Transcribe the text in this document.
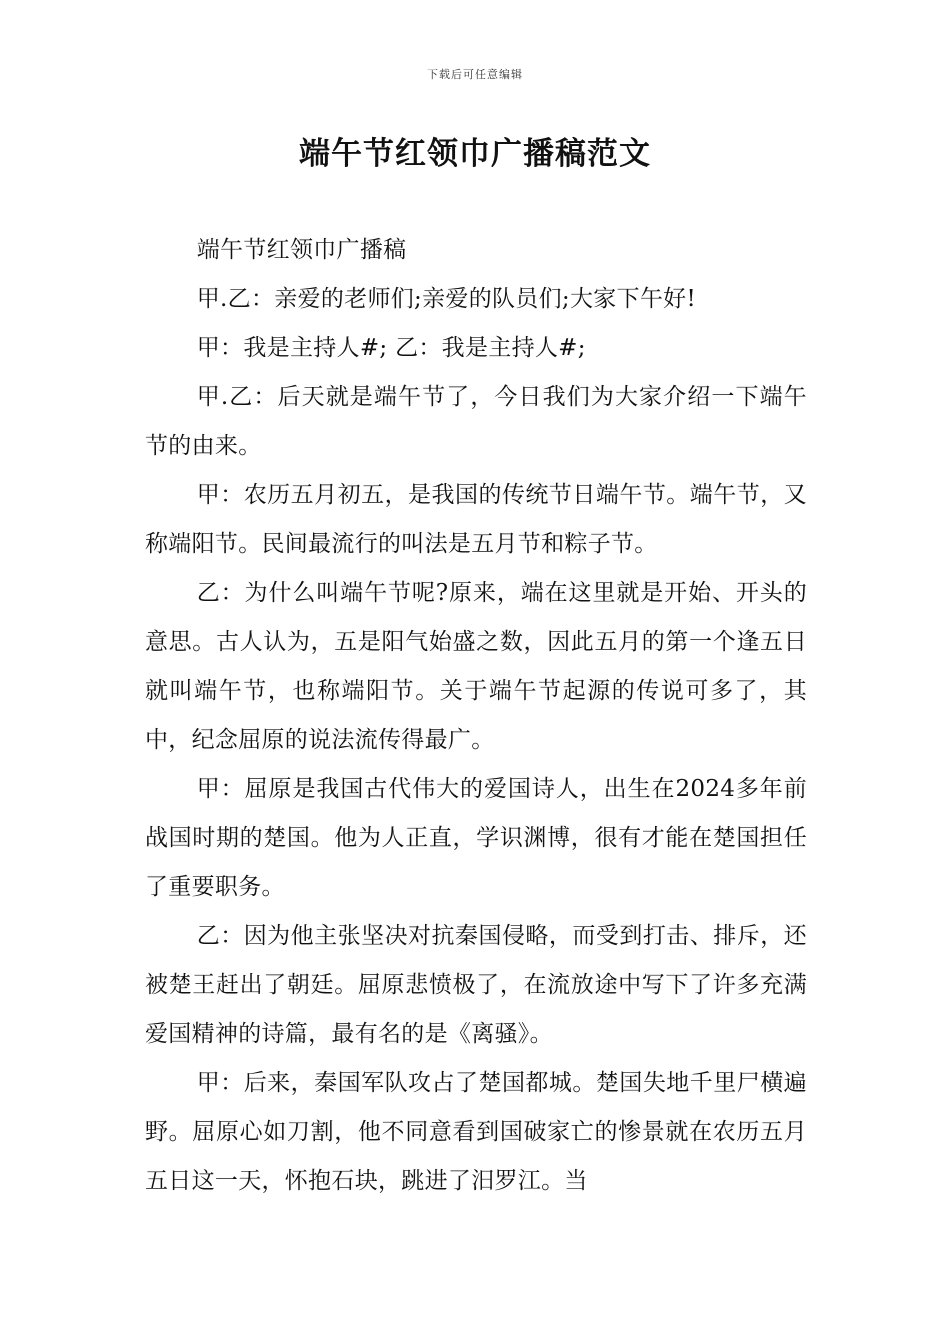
下载后可任意编辑
端午节红领巾广播稿范文

端午节红领巾广播稿

甲.乙：亲爱的老师们;亲爱的队员们;大家下午好!

甲：我是主持人#; 乙：我是主持人#;

甲.乙：后天就是端午节了，今日我们为大家介绍一下端午节的由来。

甲：农历五月初五，是我国的传统节日端午节。端午节，又称端阳节。民间最流行的叫法是五月节和粽子节。

乙：为什么叫端午节呢?原来，端在这里就是开始、开头的意思。古人认为，五是阳气始盛之数，因此五月的第一个逢五日就叫端午节，也称端阳节。关于端午节起源的传说可多了，其中，纪念屈原的说法流传得最广。

甲：屈原是我国古代伟大的爱国诗人，出生在2024多年前战国时期的楚国。他为人正直，学识渊博，很有才能在楚国担任了重要职务。

乙：因为他主张坚决对抗秦国侵略，而受到打击、排斥，还被楚王赶出了朝廷。屈原悲愤极了，在流放途中写下了许多充满爱国精神的诗篇，最有名的是《离骚》。

甲：后来，秦国军队攻占了楚国都城。楚国失地千里尸横遍野。屈原心如刀割，他不同意看到国破家亡的惨景就在农历五月五日这一天，怀抱石块，跳进了汨罗江。当
